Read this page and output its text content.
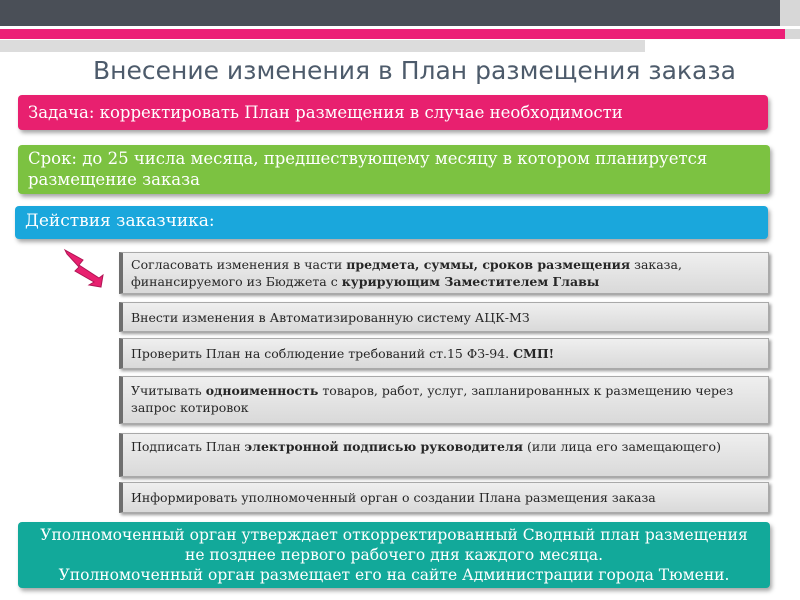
Внесение изменения в План размещения заказа
Задача: корректировать План размещения в случае необходимости
Срок: до 25 числа месяца, предшествующему месяцу в котором планируется размещение заказа
Действия заказчика:
Согласовать изменения в части предмета, суммы, сроков размещения заказа, финансируемого из Бюджета с курирующим Заместителем Главы
Внести изменения в Автоматизированную систему АЦК-МЗ
Проверить План на соблюдение требований ст.15 ФЗ-94. СМП!
Учитывать одноименность товаров, работ, услуг, запланированных к размещению через запрос котировок
Подписать План электронной подписью руководителя (или лица его замещающего)
Информировать уполномоченный орган о создании Плана размещения заказа
Уполномоченный орган утверждает откорректированный Сводный план размещения
не позднее первого рабочего дня каждого месяца.
Уполномоченный орган размещает его на сайте Администрации города Тюмени.
